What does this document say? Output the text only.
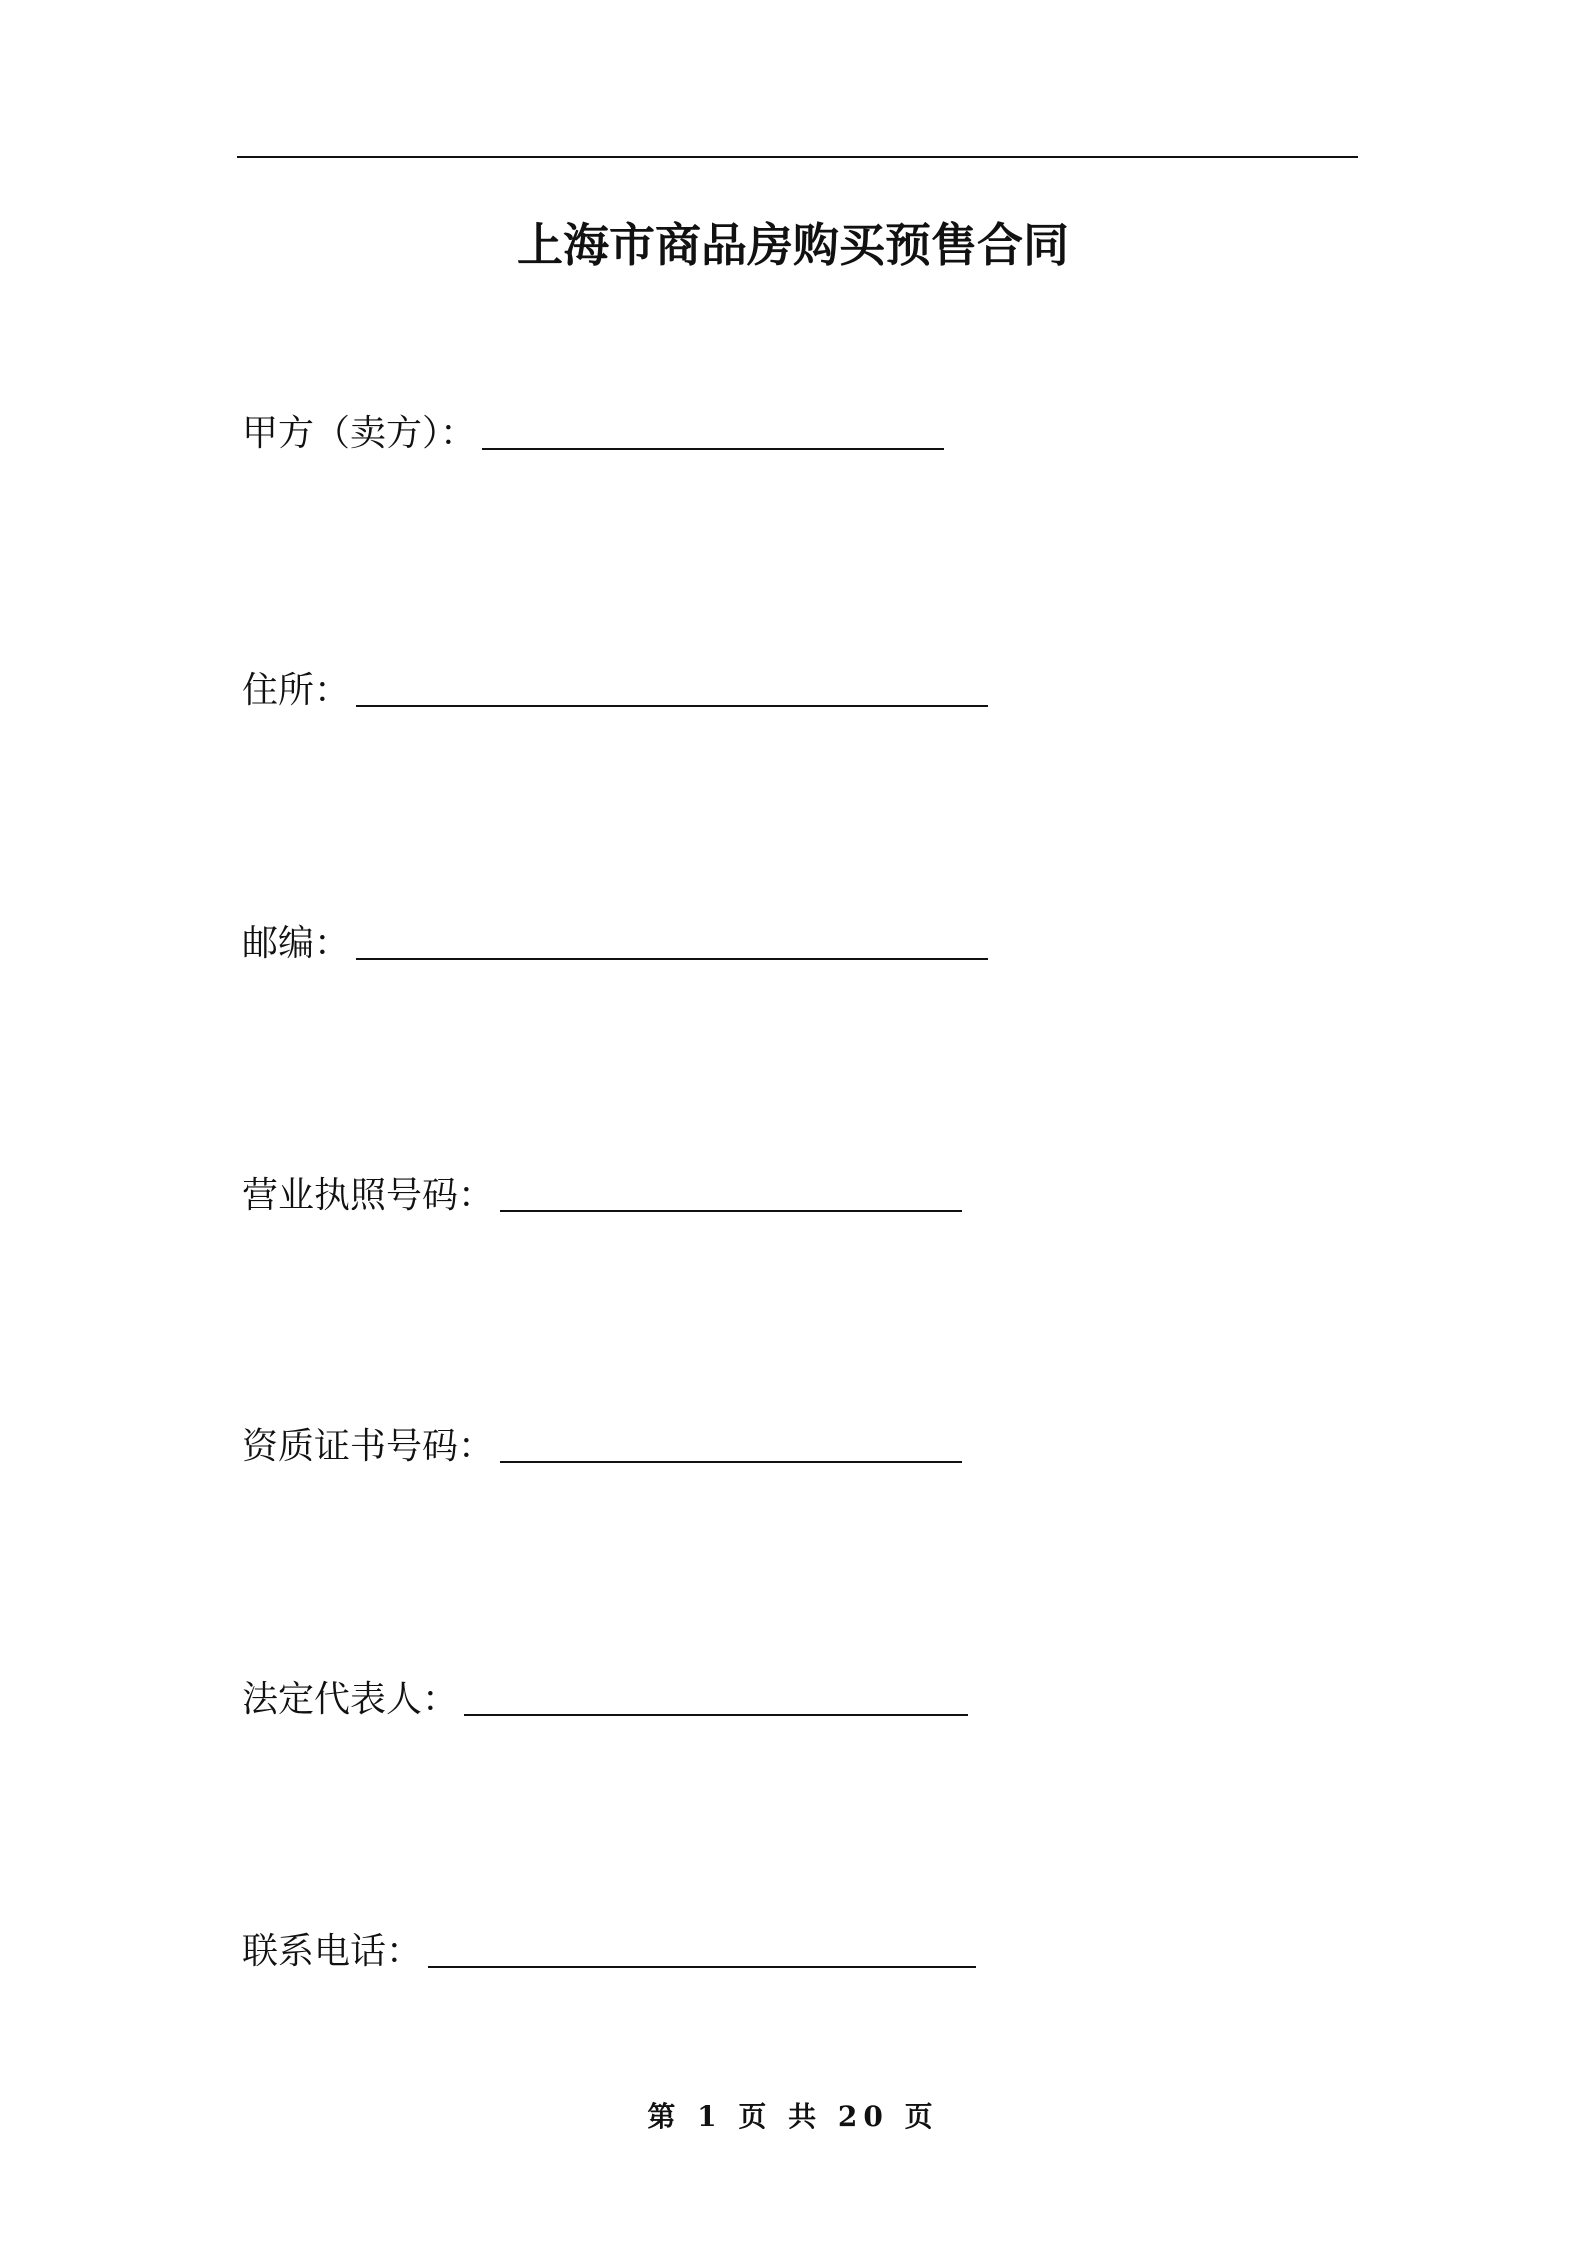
上海市商品房购买预售合同
甲方（卖方）：
住所：
邮编：
营业执照号码：
资质证书号码：
法定代表人：
联系电话：
第 1 页 共 20 页
